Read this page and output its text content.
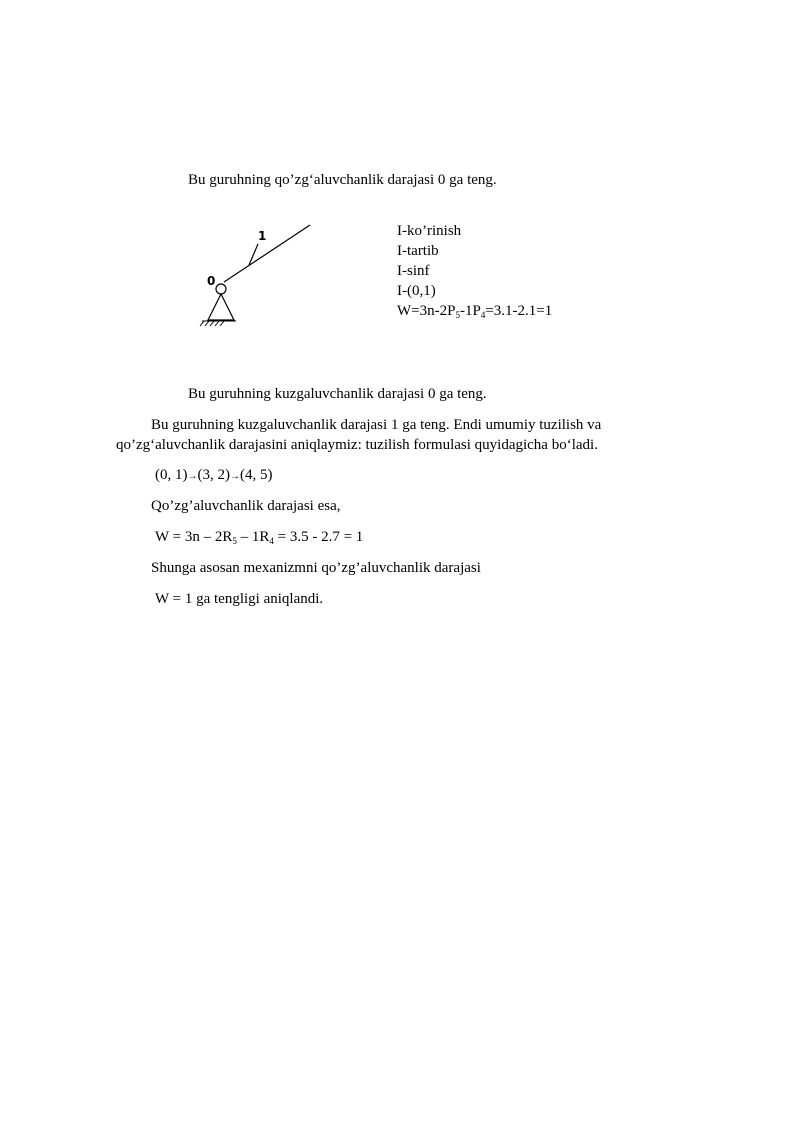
Bu guruhning qo’zg‘aluvchanlik darajasi 0 ga teng.
1
0
I-ko’rinish
I-tartib
I-sinf
I-(0,1)
$W=3n-2P_5-1P_4=3.1-2.1=1$
Bu guruhning kuzgaluvchanlik darajasi 0 ga teng.
Bu guruhning kuzgaluvchanlik darajasi 1 ga teng. Endi umumiy tuzilish va
qo’zg‘aluvchanlik darajasini aniqlaymiz: tuzilish formulasi quyidagicha bo‘ladi.
(0, 1)→(3, 2)→(4, 5)
Qo’zg’aluvchanlik darajasi esa,
$W = 3n - 2R_5 - 1R_4 = 3.5 - 2.7 = 1$
Shunga asosan mexanizmni qo’zg’aluvchanlik darajasi
W = 1 ga tengligi aniqlandi.
